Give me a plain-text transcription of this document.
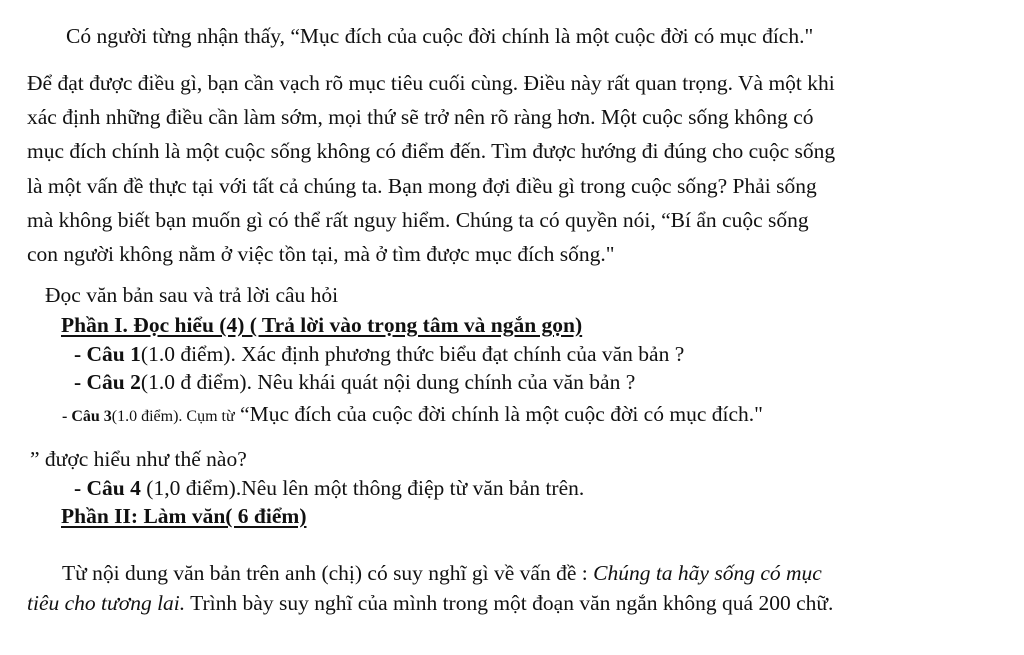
Có người từng nhận thấy, “Mục đích của cuộc đời chính là một cuộc đời có mục đích."
Để đạt được điều gì, bạn cần vạch rõ mục tiêu cuối cùng. Điều này rất quan trọng. Và một khi
xác định những điều cần làm sớm, mọi thứ sẽ trở nên rõ ràng hơn. Một cuộc sống không có
mục đích chính là một cuộc sống không có điểm đến. Tìm được hướng đi đúng cho cuộc sống
là một vấn đề thực tại với tất cả chúng ta. Bạn mong đợi điều gì trong cuộc sống? Phải sống
mà không biết bạn muốn gì có thể rất nguy hiểm. Chúng ta có quyền nói, “Bí ẩn cuộc sống
con người không nằm ở việc tồn tại, mà ở tìm được mục đích sống."
Đọc văn bản sau và trả lời câu hỏi
Phần I. Đọc hiểu (4) ( Trả lời vào trọng tâm và ngắn gọn)
- Câu 1(1.0 điểm). Xác định phương thức biểu đạt chính của văn bản ?
- Câu 2(1.0 đ điểm). Nêu khái quát nội dung chính của văn bản ?
- Câu 3(1.0 điểm). Cụm từ “Mục đích của cuộc đời chính là một cuộc đời có mục đích."
” được hiểu như thế nào?
- Câu 4 (1,0 điểm).Nêu lên một thông điệp từ văn bản trên.
Phần II: Làm văn( 6 điểm)
Từ nội dung văn bản trên anh (chị) có suy nghĩ gì về vấn đề : Chúng ta hãy sống có mục
tiêu cho tương lai. Trình bày suy nghĩ của mình trong một đoạn văn ngắn không quá 200 chữ.
